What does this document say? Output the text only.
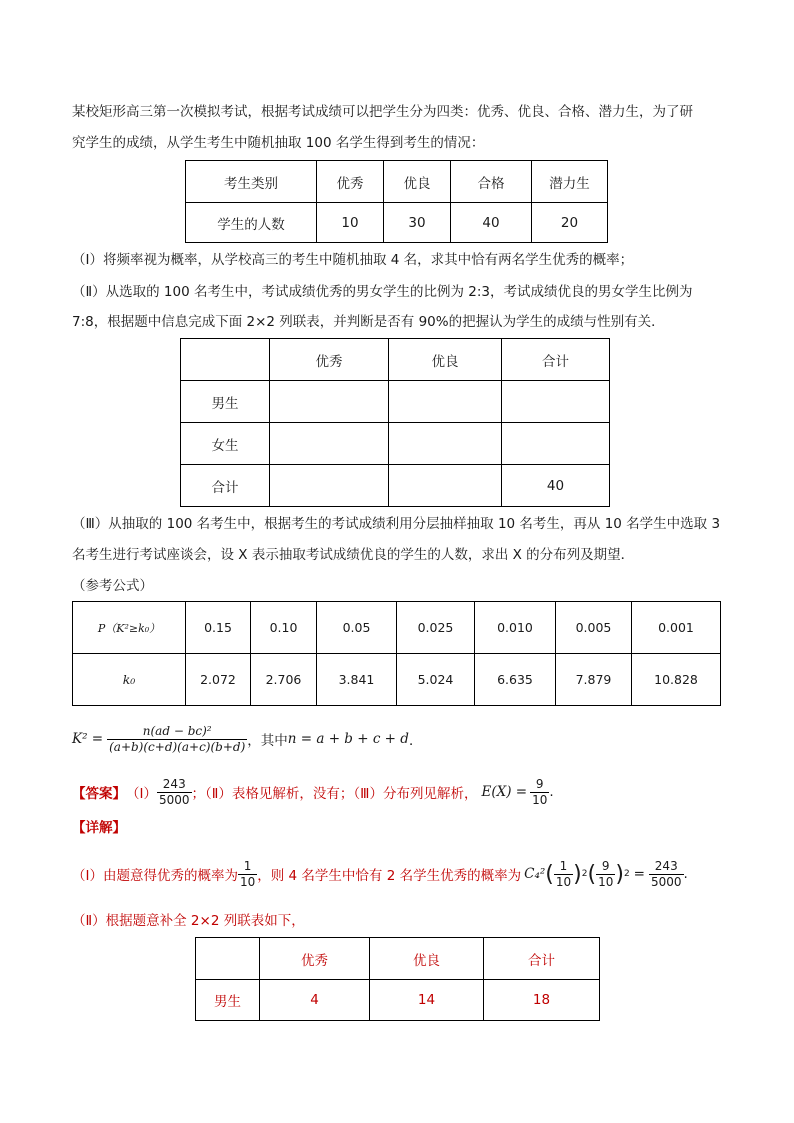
某校矩形高三第一次模拟考试，根据考试成绩可以把学生分为四类：优秀、优良、合格、潜力生，为了研
究学生的成绩，从学生考生中随机抽取 100 名学生得到考生的情况：
考生类别	优秀	优良	合格	潜力生
学生的人数	10	30	40	20
（Ⅰ）将频率视为概率，从学校高三的考生中随机抽取 4 名，求其中恰有两名学生优秀的概率；
（Ⅱ）从选取的 100 名考生中，考试成绩优秀的男女学生的比例为 2:3，考试成绩优良的男女学生比例为
7:8，根据题中信息完成下面 2×2 列联表，并判断是否有 90%的把握认为学生的成绩与性别有关．
	优秀	优良	合计
男生			
女生			
合计			40
（Ⅲ）从抽取的 100 名考生中，根据考生的考试成绩利用分层抽样抽取 10 名考生，再从 10 名学生中选取 3
名考生进行考试座谈会，设 X 表示抽取考试成绩优良的学生的人数，求出 X 的分布列及期望．
（参考公式）
P（K²≥k₀）	0.15	0.10	0.05	0.025	0.010	0.005	0.001
k₀	2.072	2.706	3.841	5.024	6.635	7.879	10.828
$K^2 = \frac{\text{n(ad − bc)²}}{(a+b)(c+d)(a+c)(b+d)}$ ，其中 n = a + b + c + d ．
【答案】 （Ⅰ） $\frac{243}{5000}$ ；（Ⅱ）表格见解析，没有；（Ⅲ）分布列见解析， $E(X) = \frac{9}{10}$ .
【详解】
（Ⅰ）由题意得优秀的概率为 $\frac{1}{10}$ ，则 4 名学生中恰有 2 名学生优秀的概率为 C₄² ( $\frac{1}{10}$ ) 2 ( $\frac{9}{10}$ ) $2 = \frac{243}{5000}$ .
（Ⅱ）根据题意补全 2×2 列联表如下，
	优秀	优良	合计
男生	4	14	18
